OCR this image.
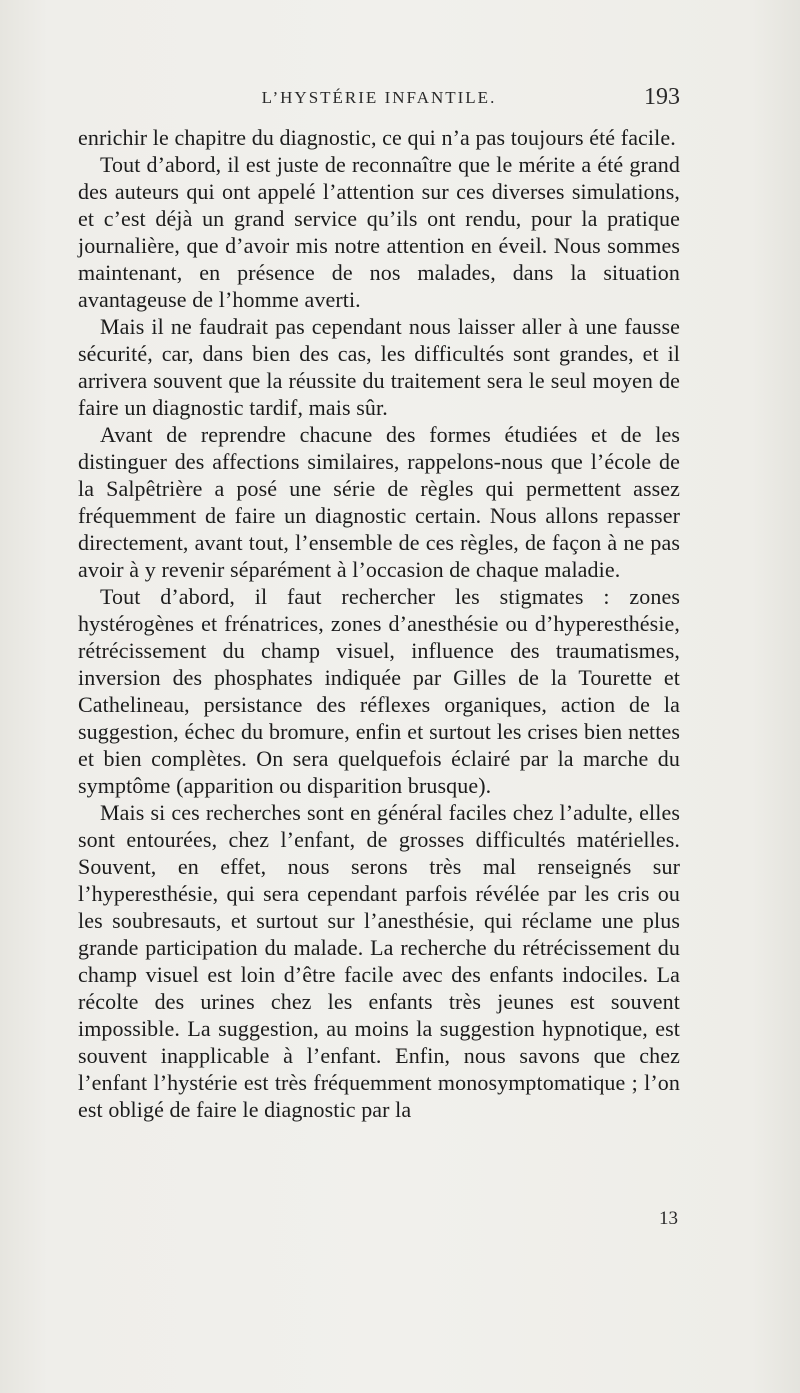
L’HYSTÉRIE INFANTILE.	193

enrichir le chapitre du diagnostic, ce qui n’a pas toujours été facile.

Tout d’abord, il est juste de reconnaître que le mérite a été grand des auteurs qui ont appelé l’attention sur ces diverses simulations, et c’est déjà un grand service qu’ils ont rendu, pour la pratique journalière, que d’avoir mis notre attention en éveil. Nous sommes maintenant, en présence de nos malades, dans la situation avantageuse de l’homme averti.

Mais il ne faudrait pas cependant nous laisser aller à une fausse sécurité, car, dans bien des cas, les difficultés sont grandes, et il arrivera souvent que la réussite du traitement sera le seul moyen de faire un diagnostic tardif, mais sûr.

Avant de reprendre chacune des formes étudiées et de les distinguer des affections similaires, rappelons-nous que l’école de la Salpêtrière a posé une série de règles qui permettent assez fréquemment de faire un diagnostic certain. Nous allons repasser directement, avant tout, l’ensemble de ces règles, de façon à ne pas avoir à y revenir séparément à l’occasion de chaque maladie.

Tout d’abord, il faut rechercher les stigmates : zones hystérogènes et frénatrices, zones d’anesthésie ou d’hyperesthésie, rétrécissement du champ visuel, influence des traumatismes, inversion des phosphates indiquée par Gilles de la Tourette et Cathelineau, persistance des réflexes organiques, action de la suggestion, échec du bromure, enfin et surtout les crises bien nettes et bien complètes. On sera quelquefois éclairé par la marche du symptôme (apparition ou disparition brusque).

Mais si ces recherches sont en général faciles chez l’adulte, elles sont entourées, chez l’enfant, de grosses difficultés matérielles. Souvent, en effet, nous serons très mal renseignés sur l’hyperesthésie, qui sera cependant parfois révélée par les cris ou les soubresauts, et surtout sur l’anesthésie, qui réclame une plus grande participation du malade. La recherche du rétrécissement du champ visuel est loin d’être facile avec des enfants indociles. La récolte des urines chez les enfants très jeunes est souvent impossible. La suggestion, au moins la suggestion hypnotique, est souvent inapplicable à l’enfant. Enfin, nous savons que chez l’enfant l’hystérie est très fréquemment monosymptomatique ; l’on est obligé de faire le diagnostic par la

13
